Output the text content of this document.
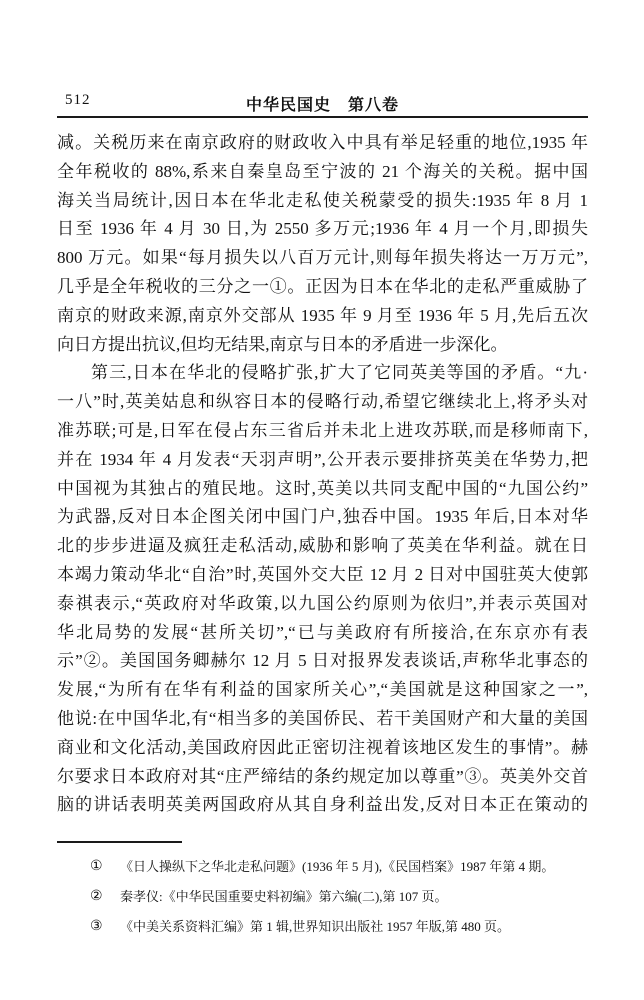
512	中华民国史　第八卷
减。关税历来在南京政府的财政收入中具有举足轻重的地位,1935 年
全年税收的 88%,系来自秦皇岛至宁波的 21 个海关的关税。据中国
海关当局统计,因日本在华北走私使关税蒙受的损失:1935 年 8 月 1
日至 1936 年 4 月 30 日,为 2550 多万元;1936 年 4 月一个月,即损失
800 万元。如果“每月损失以八百万元计,则每年损失将达一万万元”,
几乎是全年税收的三分之一①。正因为日本在华北的走私严重威胁了
南京的财政来源,南京外交部从 1935 年 9 月至 1936 年 5 月,先后五次
向日方提出抗议,但均无结果,南京与日本的矛盾进一步深化。
第三,日本在华北的侵略扩张,扩大了它同英美等国的矛盾。“九·
一八”时,英美姑息和纵容日本的侵略行动,希望它继续北上,将矛头对
准苏联;可是,日军在侵占东三省后并未北上进攻苏联,而是移师南下,
并在 1934 年 4 月发表“天羽声明”,公开表示要排挤英美在华势力,把
中国视为其独占的殖民地。这时,英美以共同支配中国的“九国公约”
为武器,反对日本企图关闭中国门户,独吞中国。1935 年后,日本对华
北的步步进逼及疯狂走私活动,威胁和影响了英美在华利益。就在日
本竭力策动华北“自治”时,英国外交大臣 12 月 2 日对中国驻英大使郭
泰祺表示,“英政府对华政策,以九国公约原则为依归”,并表示英国对
华北局势的发展“甚所关切”,“已与美政府有所接洽,在东京亦有表
示”②。美国国务卿赫尔 12 月 5 日对报界发表谈话,声称华北事态的
发展,“为所有在华有利益的国家所关心”,“美国就是这种国家之一”,
他说:在中国华北,有“相当多的美国侨民、若干美国财产和大量的美国
商业和文化活动,美国政府因此正密切注视着该地区发生的事情”。赫
尔要求日本政府对其“庄严缔结的条约规定加以尊重”③。英美外交首
脑的讲话表明英美两国政府从其自身利益出发,反对日本正在策动的
①	《日人操纵下之华北走私问题》(1936 年 5 月),《民国档案》1987 年第 4 期。
②	秦孝仪:《中华民国重要史料初编》第六编(二),第 107 页。
③	《中美关系资料汇编》第 1 辑,世界知识出版社 1957 年版,第 480 页。
